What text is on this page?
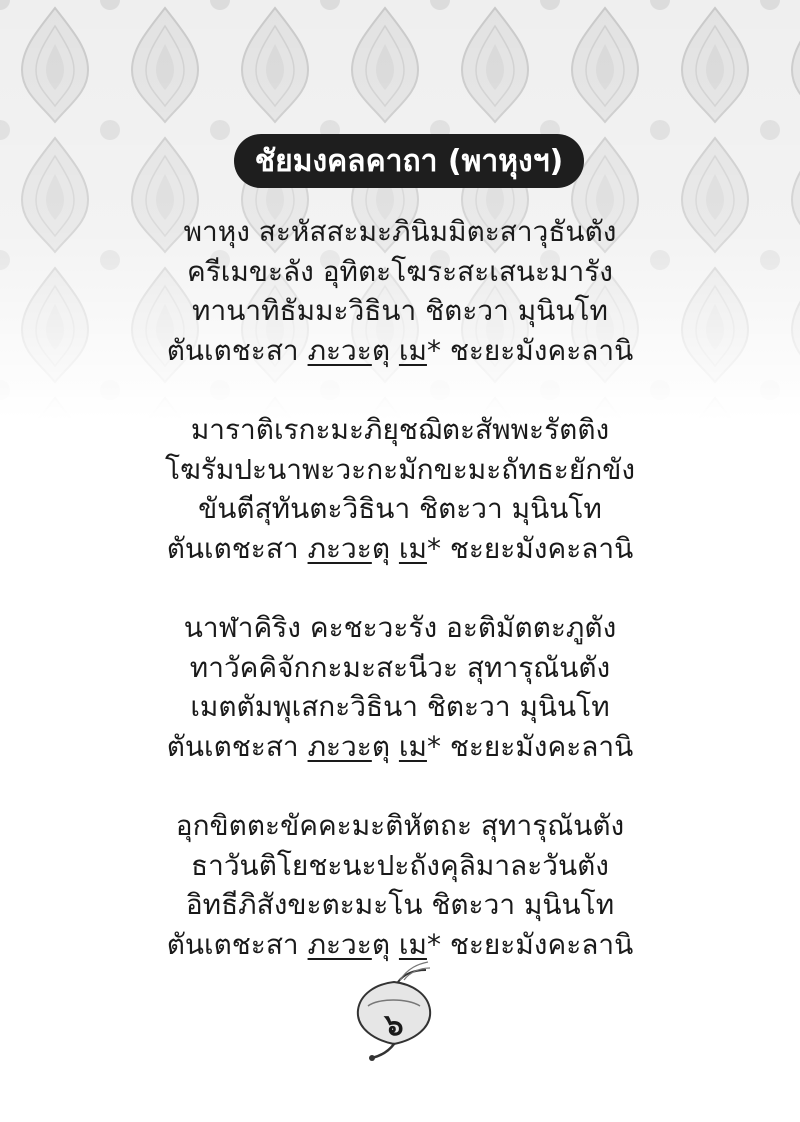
ชัยมงคลคาถา (พาหุงฯ)
พาหุง สะหัสสะมะภินิมมิตะสาวุธันตัง
ครีเมขะลัง อุทิตะโฆระสะเสนะมารัง
ทานาทิธัมมะวิธินา ชิตะวา มุนินโท
ตันเตชะสา ภะวะตุ เม* ชะยะมังคะลานิ
มาราติเรกะมะภิยุชฌิตะสัพพะรัตติง
โฆรัมปะนาพะวะกะมักขะมะถัทธะยักขัง
ขันตีสุทันตะวิธินา ชิตะวา มุนินโท
ตันเตชะสา ภะวะตุ เม* ชะยะมังคะลานิ
นาฬาคิริง คะชะวะรัง อะติมัตตะภูตัง
ทาวัคคิจักกะมะสะนีวะ สุทารุณันตัง
เมตตัมพุเสกะวิธินา ชิตะวา มุนินโท
ตันเตชะสา ภะวะตุ เม* ชะยะมังคะลานิ
อุกขิตตะขัคคะมะติหัตถะ สุทารุณันตัง
ธาวันติโยชะนะปะถังคุลิมาละวันตัง
อิทธีภิสังขะตะมะโน ชิตะวา มุนินโท
ตันเตชะสา ภะวะตุ เม* ชะยะมังคะลานิ
๖
